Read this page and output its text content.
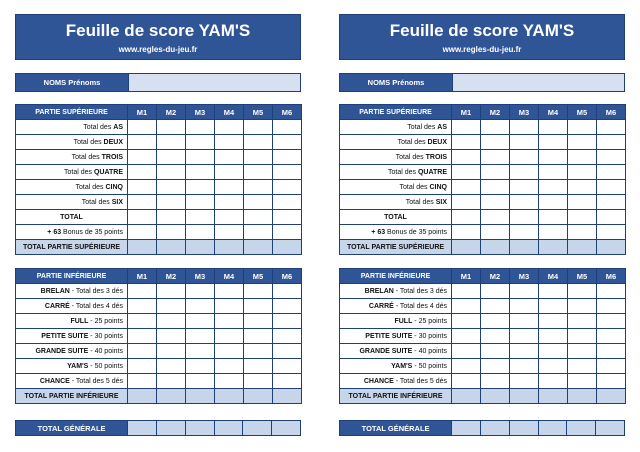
Feuille de score YAM'S
www.regles-du-jeu.fr
NOMS Prénoms
PARTIE SUPÉRIEURE	M1	M2	M3	M4	M5	M6
Total des AS						
Total des DEUX						
Total des TROIS						
Total des QUATRE						
Total des CINQ						
Total des SIX						
TOTAL						
+ 63 Bonus de 35 points						
TOTAL PARTIE SUPÉRIEURE						
PARTIE INFÉRIEURE	M1	M2	M3	M4	M5	M6
BRELAN - Total des 3 dés						
CARRÉ - Total des 4 dés						
FULL - 25 points						
PETITE SUITE - 30 points						
GRANDE SUITE - 40 points						
YAM'S - 50 points						
CHANCE - Total des 5 dés						
TOTAL PARTIE INFÉRIEURE						
TOTAL GÉNÉRALE
Feuille de score YAM'S
www.regles-du-jeu.fr
NOMS Prénoms
PARTIE SUPÉRIEURE	M1	M2	M3	M4	M5	M6
Total des AS						
Total des DEUX						
Total des TROIS						
Total des QUATRE						
Total des CINQ						
Total des SIX						
TOTAL						
+ 63 Bonus de 35 points						
TOTAL PARTIE SUPÉRIEURE						
PARTIE INFÉRIEURE	M1	M2	M3	M4	M5	M6
BRELAN - Total des 3 dés						
CARRÉ - Total des 4 dés						
FULL - 25 points						
PETITE SUITE - 30 points						
GRANDE SUITE - 40 points						
YAM'S - 50 points						
CHANCE - Total des 5 dés						
TOTAL PARTIE INFÉRIEURE						
TOTAL GÉNÉRALE
